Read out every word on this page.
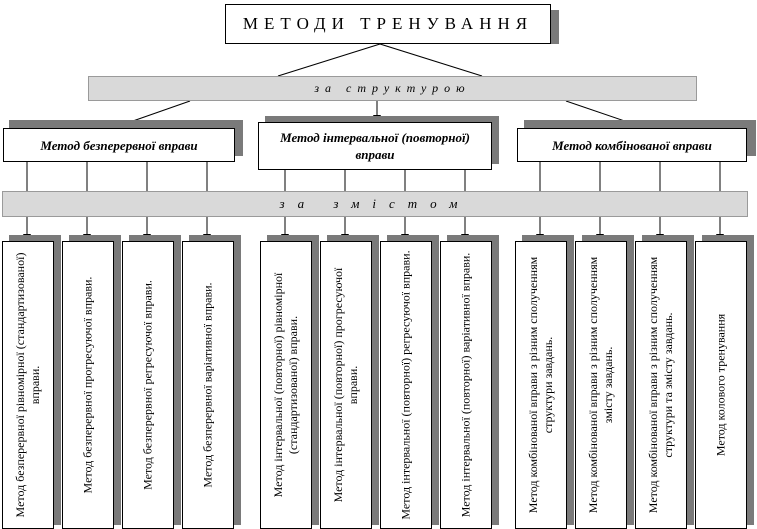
МЕТОДИ ТРЕНУВАННЯ
за структурою
Метод безперервної вправи	Метод інтервальної (повторної) вправи
Метод комбінованої вправи
за змістом
Метод безперервної рівномірної (стандартизованої) вправи.	Метод безперервної прогресуючої вправи.	Метод безперервної регресуючої вправи.	Метод безперервної варіативної вправи.	Метод інтервальної (повторної) рівномірної (стандартизованої) вправи.	Метод інтервальної (повторної) прогресуючої вправи.	Метод інтервальної (повторної) регресуючої вправи.	Метод інтервальної (повторної) варіативної вправи.	Метод комбінованої вправи з різним сполученням структури завдань.	Метод комбінованої вправи з різним сполученням змісту завдань.	Метод комбінованої вправи з різним сполученням структури та змісту завдань.	Метод колового тренування
